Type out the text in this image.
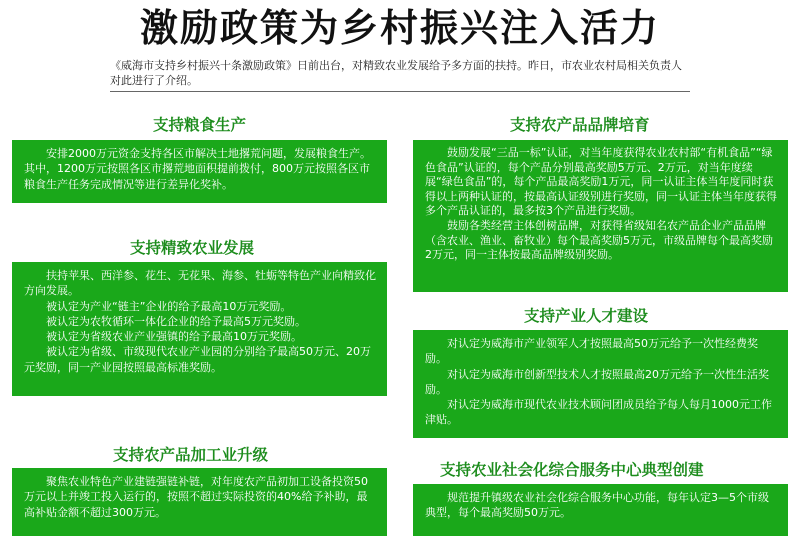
激励政策为乡村振兴注入活力
《威海市支持乡村振兴十条激励政策》日前出台，对精致农业发展给予多方面的扶持。昨日，市农业农村局相关负责人对此进行了介绍。
支持粮食生产

安排2000万元资金支持各区市解决土地撂荒问题，发展粮食生产。其中，1200万元按照各区市撂荒地面积提前拨付，800万元按照各区市粮食生产任务完成情况等进行差异化奖补。

支持精致农业发展

扶持苹果、西洋参、花生、无花果、海参、牡蛎等特色产业向精致化方向发展。

被认定为产业“链主”企业的给予最高10万元奖励。

被认定为农牧循环一体化企业的给予最高5万元奖励。

被认定为省级农业产业强镇的给予最高10万元奖励。

被认定为省级、市级现代农业产业园的分别给予最高50万元、20万元奖励，同一产业园按照最高标准奖励。

支持农产品加工业升级

聚焦农业特色产业建链强链补链，对年度农产品初加工设备投资50万元以上并竣工投入运行的，按照不超过实际投资的40%给予补助，最高补贴金额不超过300万元。

支持农产品品牌培育

鼓励发展“三品一标”认证，对当年度获得农业农村部“有机食品”“绿色食品”认证的，每个产品分别最高奖励5万元、2万元，对当年度续展“绿色食品”的，每个产品最高奖励1万元，同一认证主体当年度同时获得以上两种认证的，按最高认证级别进行奖励，同一认证主体当年度获得多个产品认证的，最多按3个产品进行奖励。

鼓励各类经营主体创树品牌，对获得省级知名农产品企业产品品牌（含农业、渔业、畜牧业）每个最高奖励5万元，市级品牌每个最高奖励2万元，同一主体按最高品牌级别奖励。

支持产业人才建设

对认定为威海市产业领军人才按照最高50万元给予一次性经费奖励。

对认定为威海市创新型技术人才按照最高20万元给予一次性生活奖励。

对认定为威海市现代农业技术顾问团成员给予每人每月1000元工作津贴。

支持农业社会化综合服务中心典型创建

规范提升镇级农业社会化综合服务中心功能，每年认定3—5个市级典型，每个最高奖励50万元。
